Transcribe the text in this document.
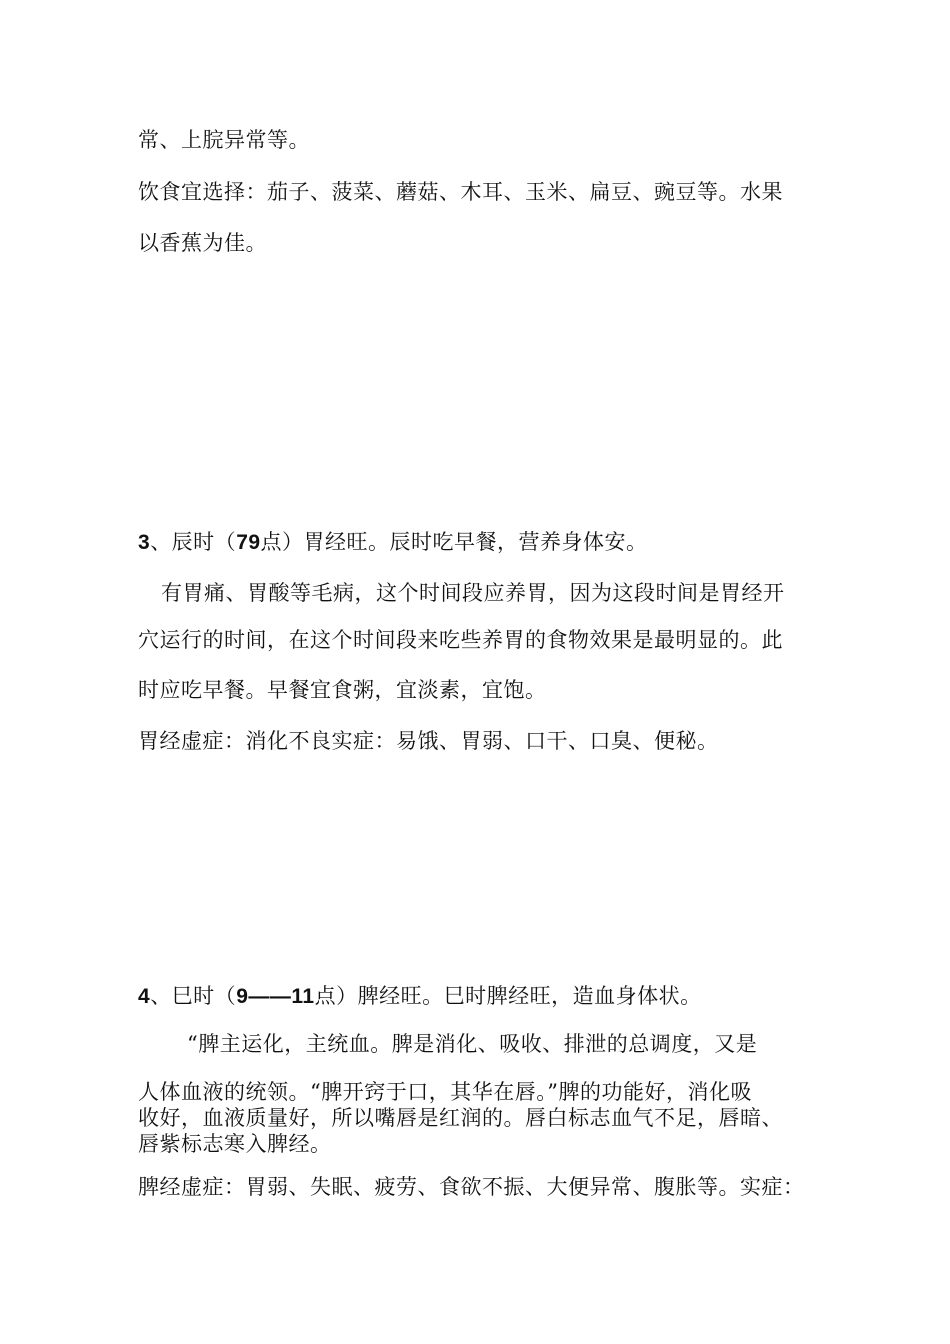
常、上脘异常等。
饮食宜选择：茄子、菠菜、蘑菇、木耳、玉米、扁豆、豌豆等。水果
以香蕉为佳。
3、辰时（79点）胃经旺。辰时吃早餐，营养身体安。
有胃痛、胃酸等毛病，这个时间段应养胃，因为这段时间是胃经开
穴运行的时间，在这个时间段来吃些养胃的食物效果是最明显的。此
时应吃早餐。早餐宜食粥，宜淡素，宜饱。
胃经虚症：消化不良实症：易饿、胃弱、口干、口臭、便秘。
4、巳时（9——11点）脾经旺。巳时脾经旺，造血身体状。
“脾主运化，主统血。脾是消化、吸收、排泄的总调度，又是
人体血液的统领。“脾开窍于口，其华在唇。”脾的功能好，消化吸
收好，血液质量好，所以嘴唇是红润的。唇白标志血气不足，唇暗、
唇紫标志寒入脾经。
脾经虚症：胃弱、失眠、疲劳、食欲不振、大便异常、腹胀等。实症：
